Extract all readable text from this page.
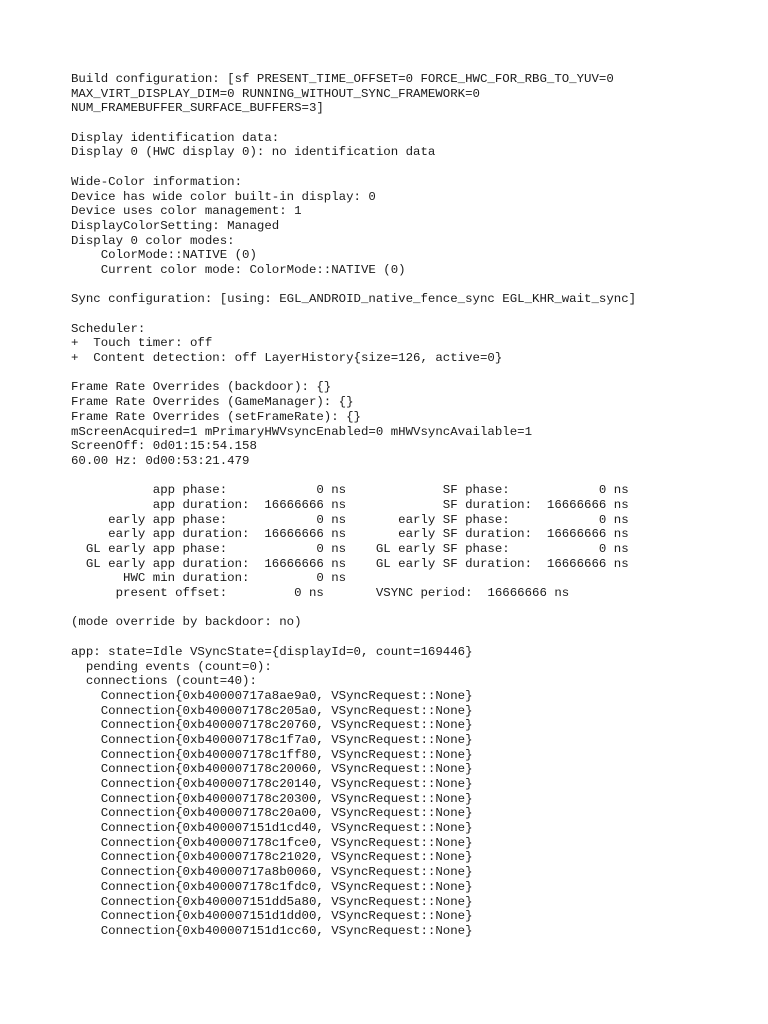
Build configuration: [sf PRESENT_TIME_OFFSET=0 FORCE_HWC_FOR_RBG_TO_YUV=0
MAX_VIRT_DISPLAY_DIM=0 RUNNING_WITHOUT_SYNC_FRAMEWORK=0
NUM_FRAMEBUFFER_SURFACE_BUFFERS=3]
Display identification data:
Display 0 (HWC display 0): no identification data
Wide-Color information:
Device has wide color built-in display: 0
Device uses color management: 1
DisplayColorSetting: Managed
Display 0 color modes:
ColorMode::NATIVE (0)
Current color mode: ColorMode::NATIVE (0)
Sync configuration: [using: EGL_ANDROID_native_fence_sync EGL_KHR_wait_sync]
Scheduler:
+  Touch timer: off
+  Content detection: off LayerHistory{size=126, active=0}
Frame Rate Overrides (backdoor): {}
Frame Rate Overrides (GameManager): {}
Frame Rate Overrides (setFrameRate): {}
mScreenAcquired=1 mPrimaryHWVsyncEnabled=0 mHWVsyncAvailable=1
ScreenOff: 0d01:15:54.158
60.00 Hz: 0d00:53:21.479
app phase:            0 ns             SF phase:            0 ns
app duration:  16666666 ns             SF duration:  16666666 ns
early app phase:            0 ns       early SF phase:            0 ns
early app duration:  16666666 ns       early SF duration:  16666666 ns
GL early app phase:            0 ns    GL early SF phase:            0 ns
GL early app duration:  16666666 ns    GL early SF duration:  16666666 ns
HWC min duration:         0 ns
present offset:         0 ns       VSYNC period:  16666666 ns
(mode override by backdoor: no)
app: state=Idle VSyncState={displayId=0, count=169446}
pending events (count=0):
connections (count=40):
Connection{0xb40000717a8ae9a0, VSyncRequest::None}
Connection{0xb400007178c205a0, VSyncRequest::None}
Connection{0xb400007178c20760, VSyncRequest::None}
Connection{0xb400007178c1f7a0, VSyncRequest::None}
Connection{0xb400007178c1ff80, VSyncRequest::None}
Connection{0xb400007178c20060, VSyncRequest::None}
Connection{0xb400007178c20140, VSyncRequest::None}
Connection{0xb400007178c20300, VSyncRequest::None}
Connection{0xb400007178c20a00, VSyncRequest::None}
Connection{0xb400007151d1cd40, VSyncRequest::None}
Connection{0xb400007178c1fce0, VSyncRequest::None}
Connection{0xb400007178c21020, VSyncRequest::None}
Connection{0xb40000717a8b0060, VSyncRequest::None}
Connection{0xb400007178c1fdc0, VSyncRequest::None}
Connection{0xb400007151dd5a80, VSyncRequest::None}
Connection{0xb400007151d1dd00, VSyncRequest::None}
Connection{0xb400007151d1cc60, VSyncRequest::None}
